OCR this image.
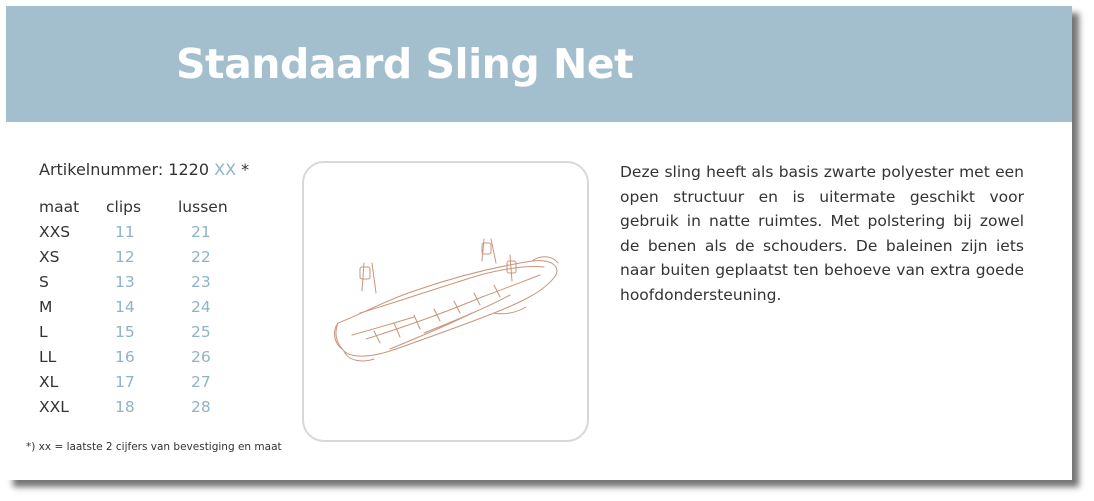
Standaard Sling Net
Artikelnummer: 1220 XX *
maat	clips	lussen
XXS	11	21
XS	12	22
S	13	23
M	14	24
L	15	25
LL	16	26
XL	17	27
XXL	18	28
*) xx = laatste 2 cijfers van bevestiging en maat

Deze sling heeft als basis zwarte polyester met een open structuur en is uitermate geschikt voor gebruik in natte ruimtes. Met polstering bij zowel de benen als de schouders. De baleinen zijn iets naar buiten geplaatst ten behoeve van extra goede hoofdondersteuning.
